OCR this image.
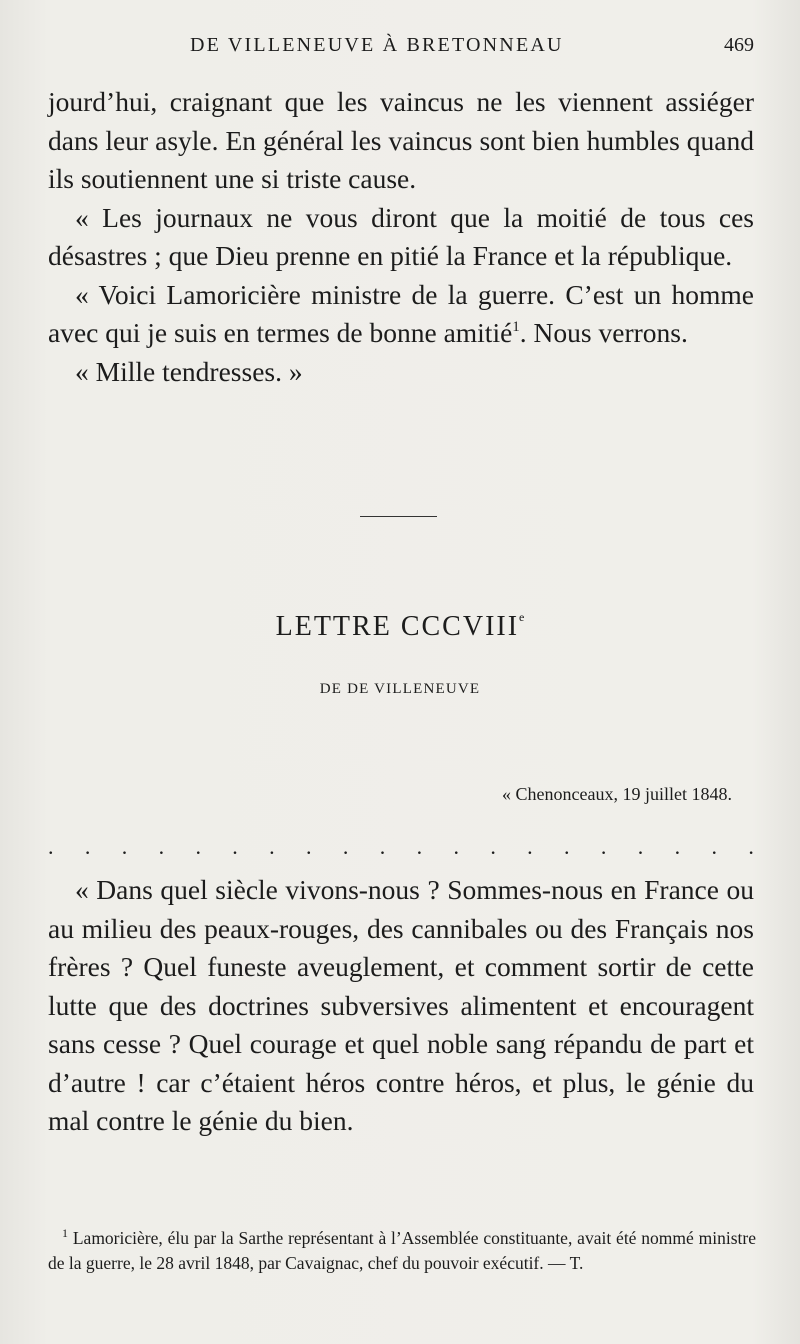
DE VILLENEUVE À BRETONNEAU	469

jourd’hui, craignant que les vaincus ne les viennent assiéger dans leur asyle. En général les vaincus sont bien humbles quand ils soutiennent une si triste cause.

« Les journaux ne vous diront que la moitié de tous ces désastres ; que Dieu prenne en pitié la France et la république.

« Voici Lamoricière ministre de la guerre. C’est un homme avec qui je suis en termes de bonne amitié$^1$. Nous verrons.

« Mille tendresses. »

LETTRE CCCVIIIe
DE DE VILLENEUVE
« Chenonceaux, 19 juillet 1848.
. . . . . . . . . . . . . . . . . . . .

« Dans quel siècle vivons-nous ? Sommes-nous en France ou au milieu des peaux-rouges, des cannibales ou des Français nos frères ? Quel funeste aveuglement, et comment sortir de cette lutte que des doctrines subversives alimentent et encouragent sans cesse ? Quel courage et quel noble sang répandu de part et d’autre ! car c’étaient héros contre héros, et plus, le génie du mal contre le génie du bien.

$^1$ Lamoricière, élu par la Sarthe représentant à l’Assemblée constituante, avait été nommé ministre de la guerre, le 28 avril 1848, par Cavaignac, chef du pouvoir exécutif. — T.
